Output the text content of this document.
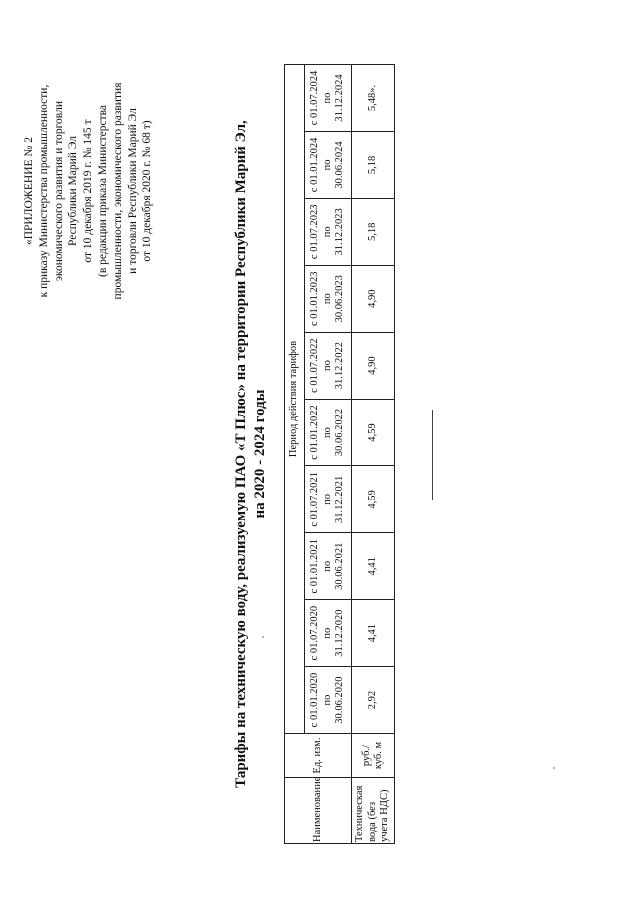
«ПРИЛОЖЕНИЕ № 2 к приказу Министерства промышленности, экономического развития и торговли Республики Марий Эл от 10 декабря 2019 г. № 145 т (в редакции приказа Министерства промышленности, экономического развития и торговли Республики Марий Эл от 10 декабря 2020 г. № 68 т)	Тарифы на техническую воду, реализуемую ПАО «Т Плюс» на территории Республики Марий Эл, на 2020 - 2024 годы
Наименование	Ед. изм.	Период действия тарифов									

		с 01.01.2020 по 30.06.2020	с 01.07.2020 по 31.12.2020	с 01.01.2021 по 30.06.2021	с 01.07.2021 по 31.12.2021	с 01.01.2022 по 30.06.2022	с 01.07.2022 по 31.12.2022	с 01.01.2023 по 30.06.2023	с 01.07.2023 по 31.12.2023	с 01.01.2024 по 30.06.2024	с 01.07.2024 по 31.12.2024

Техническая вода (без учета НДС)	руб./ куб. м	2,92	4,41	4,41	4,59	4,59	4,90	4,90	5,18	5,18	5,48».
